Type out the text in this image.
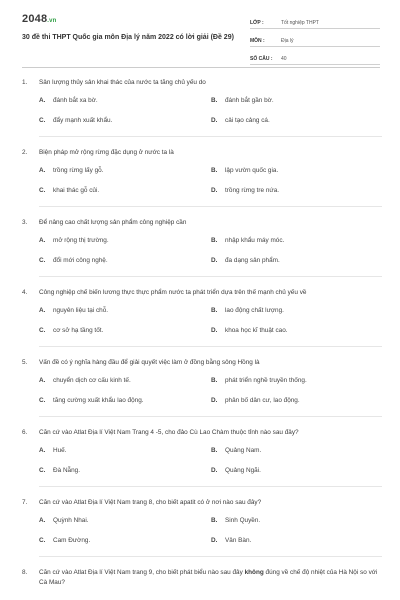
2048.vn
30 đề thi THPT Quốc gia môn Địa lý năm 2022 có lời giải (Đề 29)
LỚP :	Tốt nghiệp THPT
MÔN :	Địa lý
SỐ CÂU :	40
1.	Sản lượng thủy sản khai thác của nước ta tăng chủ yếu do
A.	đánh bắt xa bờ.	B.	đánh bắt gần bờ.
C.	đẩy mạnh xuất khẩu.	D.	cải tạo cảng cá.
2.	Biện pháp mở rộng rừng đặc dụng ở nước ta là
A.	trồng rừng lấy gỗ.	B.	lập vườn quốc gia.
C.	khai thác gỗ củi.	D.	trồng rừng tre nứa.
3.	Để nâng cao chất lượng sản phẩm công nghiệp cần
A.	mở rộng thị trường.	B.	nhập khẩu máy móc.
C.	đổi mới công nghệ.	D.	đa dạng sản phẩm.
4.	Công nghiệp chế biến lương thực thực phẩm nước ta phát triển dựa trên thế mạnh chủ yếu về
A.	nguyên liệu tại chỗ.	B.	lao động chất lượng.
C.	cơ sở hạ tầng tốt.	D.	khoa học kĩ thuật cao.
5.	Vấn đề có ý nghĩa hàng đầu để giải quyết việc làm ở đồng bằng sông Hồng là
A.	chuyển dịch cơ cấu kinh tế.	B.	phát triển nghề truyền thống.
C.	tăng cường xuất khẩu lao động.	D.	phân bố dân cư, lao động.
6.	Căn cứ vào Atlat Địa lí Việt Nam Trang 4 -5, cho đảo Cù Lao Chàm thuộc tỉnh nào sau đây?
A.	Huế.	B.	Quảng Nam.
C.	Đà Nẵng.	D.	Quảng Ngãi.
7.	Căn cứ vào Atlat Địa lí Việt Nam trang 8, cho biết apatit có ở nơi nào sau đây?
A.	Quỳnh Nhai.	B.	Sinh Quyền.
C.	Cam Đường.	D.	Vân Bàn.
8.	Căn cứ vào Atlat Địa lí Việt Nam trang 9, cho biết phát biểu nào sau đây không đúng về chế độ nhiệt của Hà Nội so với Cà Mau?
